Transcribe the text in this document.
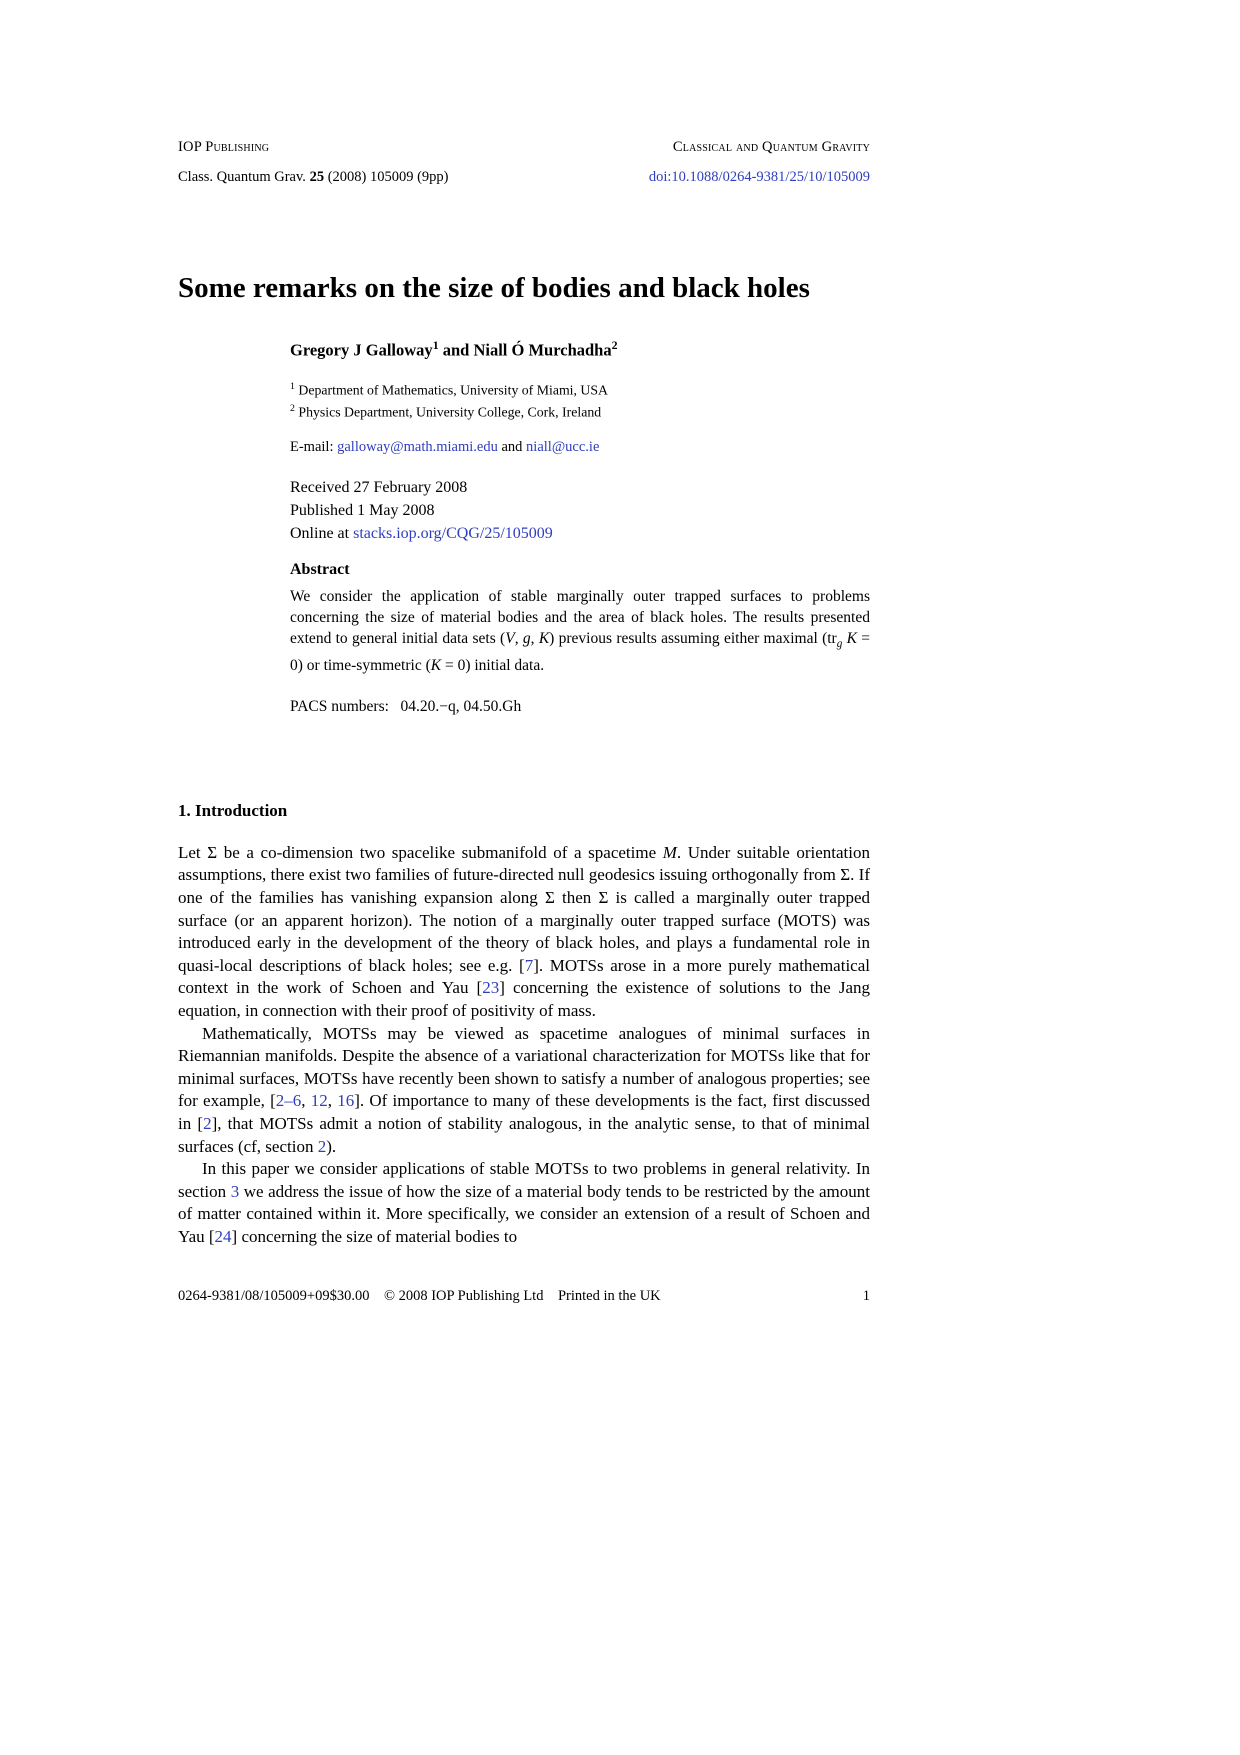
IOP Publishing	Classical and Quantum Gravity
Class. Quantum Grav. 25 (2008) 105009 (9pp)	doi:10.1088/0264-9381/25/10/105009
Some remarks on the size of bodies and black holes
Gregory J Galloway$^1$ and Niall Ó Murchadha$^2$
$^1$ Department of Mathematics, University of Miami, USA
$^2$ Physics Department, University College, Cork, Ireland
E-mail: galloway@math.miami.edu and niall@ucc.ie
Received 27 February 2008
Published 1 May 2008
Online at stacks.iop.org/CQG/25/105009
Abstract
We consider the application of stable marginally outer trapped surfaces to problems concerning the size of material bodies and the area of black holes. The results presented extend to general initial data sets (V, g, K) previous results assuming either maximal ($tr_g$ K = 0) or time-symmetric (K = 0) initial data.
PACS numbers:   04.20.−q, 04.50.Gh
1. Introduction

Let Σ be a co-dimension two spacelike submanifold of a spacetime M. Under suitable orientation assumptions, there exist two families of future-directed null geodesics issuing orthogonally from Σ. If one of the families has vanishing expansion along Σ then Σ is called a marginally outer trapped surface (or an apparent horizon). The notion of a marginally outer trapped surface (MOTS) was introduced early in the development of the theory of black holes, and plays a fundamental role in quasi-local descriptions of black holes; see e.g. [7]. MOTSs arose in a more purely mathematical context in the work of Schoen and Yau [23] concerning the existence of solutions to the Jang equation, in connection with their proof of positivity of mass.

Mathematically, MOTSs may be viewed as spacetime analogues of minimal surfaces in Riemannian manifolds. Despite the absence of a variational characterization for MOTSs like that for minimal surfaces, MOTSs have recently been shown to satisfy a number of analogous properties; see for example, [2–6, 12, 16]. Of importance to many of these developments is the fact, first discussed in [2], that MOTSs admit a notion of stability analogous, in the analytic sense, to that of minimal surfaces (cf, section 2).

In this paper we consider applications of stable MOTSs to two problems in general relativity. In section 3 we address the issue of how the size of a material body tends to be restricted by the amount of matter contained within it. More specifically, we consider an extension of a result of Schoen and Yau [24] concerning the size of material bodies to

0264-9381/08/105009+09$30.00    © 2008 IOP Publishing Ltd    Printed in the UK	1
